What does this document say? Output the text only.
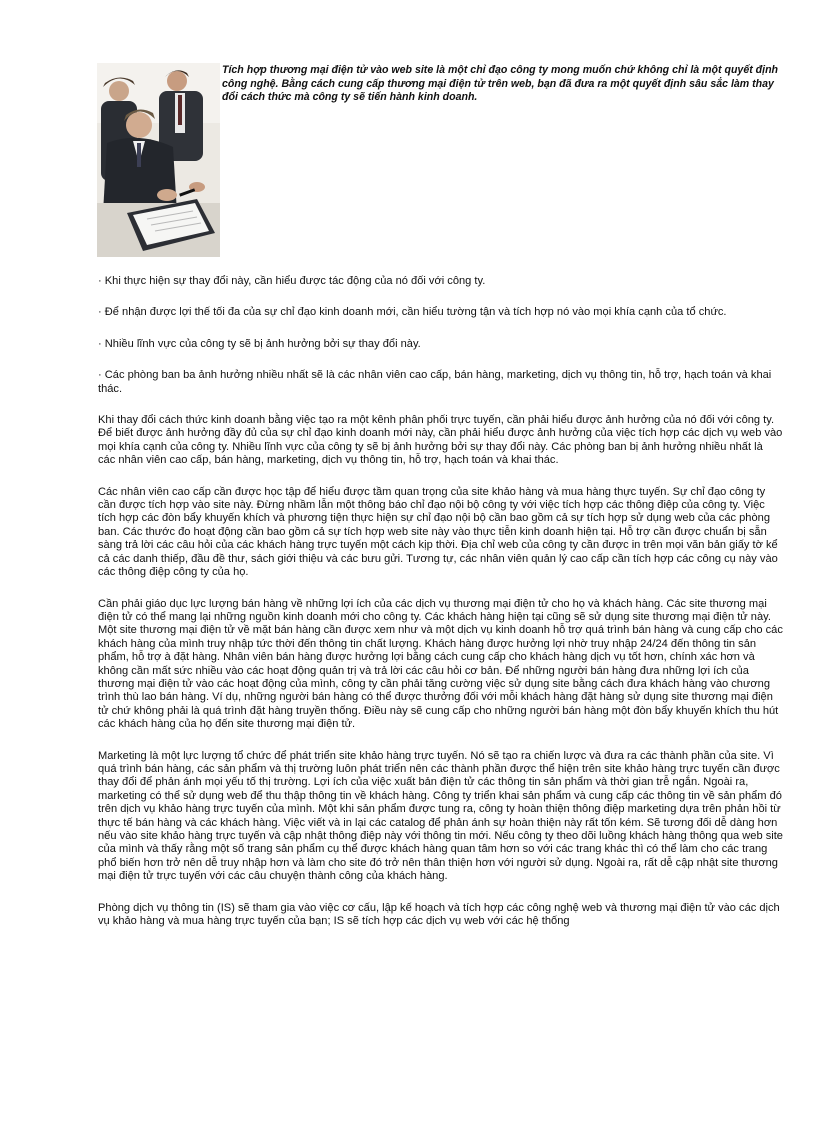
Tích hợp thương mại điện tử vào web site là một chỉ đạo công ty mong muốn chứ không chỉ là một quyết định công nghệ. Bằng cách cung cấp thương mại điện tử trên web, bạn đã đưa ra một quyết định sâu sắc làm thay đổi cách thức mà công ty sẽ tiến hành kinh doanh.

· Khi thực hiện sự thay đổi này, cần hiểu được tác động của nó đối với công ty.

· Để nhận được lợi thế tối đa của sự chỉ đạo kinh doanh mới, cần hiểu tường tận và tích hợp nó vào mọi khía cạnh của tổ chức.

· Nhiều lĩnh vực của công ty sẽ bị ảnh hưởng bởi sự thay đổi này.

· Các phòng ban ba ảnh hưởng nhiều nhất sẽ là các nhân viên cao cấp, bán hàng, marketing, dịch vụ thông tin, hỗ trợ, hạch toán và khai thác.

Khi thay đổi cách thức kinh doanh bằng việc tạo ra một kênh phân phối trực tuyến, cần phải hiểu được ảnh hưởng của nó đối với công ty. Để biết được ảnh hưởng đầy đủ của sự chỉ đạo kinh doanh mới này, cần phải hiểu được ảnh hưởng của việc tích hợp các dịch vụ web vào mọi khía cạnh của công ty. Nhiều lĩnh vực của công ty sẽ bị ảnh hưởng bởi sự thay đổi này. Các phòng ban bị ảnh hưởng nhiều nhất là các nhân viên cao cấp, bán hàng, marketing, dịch vụ thông tin, hỗ trợ, hạch toán và khai thác.

Các nhân viên cao cấp cần được học tập để hiểu được tầm quan trọng của site khảo hàng và mua hàng thực tuyến. Sự chỉ đạo công ty cần được tích hợp vào site này. Đừng nhầm lẫn một thông báo chỉ đạo nội bộ công ty với việc tích hợp các thông điệp của công ty. Việc tích hợp các đòn bẩy khuyến khích và phương tiện thực hiện sự chỉ đạo nội bộ cần bao gồm cả sự tích hợp sử dụng web của các phòng ban. Các thước đo hoạt động cần bao gồm cả sự tích hợp web site này vào thực tiễn kinh doanh hiện tại. Hỗ trợ cần được chuẩn bị sẵn sàng trả lời các câu hỏi của các khách hàng trực tuyến một cách kịp thời. Địa chỉ web của công ty cần được in trên mọi văn bản giấy tờ kể cả các danh thiếp, đầu đề thư, sách giới thiệu và các bưu gửi. Tương tự, các nhân viên quản lý cao cấp cần tích hợp các công cụ này vào các thông điệp công ty của họ.

Cần phải giáo dục lực lượng bán hàng về những lợi ích của các dịch vụ thương mại điện tử cho họ và khách hàng. Các site thương mại điện tử có thể mang lại những nguồn kinh doanh mới cho công ty. Các khách hàng hiện tại cũng sẽ sử dụng site thương mại điện tử này. Một site thương mại điện tử về mặt bán hàng cần được xem như và một dịch vụ kinh doanh hỗ trợ quá trình bán hàng và cung cấp cho các khách hàng của mình truy nhập tức thời đến thông tin chất lượng. Khách hàng được hưởng lợi nhờ truy nhập 24/24 đến thông tin sản phẩm, hỗ trợ à đặt hàng. Nhân viên bán hàng được hưởng lợi bằng cách cung cấp cho khách hàng dịch vụ tốt hơn, chính xác hơn và không cần mất sức nhiều vào các hoạt động quản trị và trả lời các câu hỏi cơ bản. Để những người bán hàng đưa những lợi ích của thương mại điện tử vào các hoạt động của mình, công ty cần phải tăng cường việc sử dụng site bằng cách đưa khách hàng vào chương trình thù lao bán hàng. Ví dụ, những người bán hàng có thể được thưởng đối với mỗi khách hàng đặt hàng sử dụng site thương mại điện tử chứ không phải là quá trình đặt hàng truyền thống. Điều này sẽ cung cấp cho những người bán hàng một đòn bẩy khuyến khích thu hút các khách hàng của họ đến site thương mại điện tử.

Marketing là một lực lượng tổ chức để phát triển site khảo hàng trực tuyến. Nó sẽ tạo ra chiến lược và đưa ra các thành phần của site. Vì quá trình bán hàng, các sản phẩm và thị trường luôn phát triển nên các thành phần được thể hiện trên site khảo hàng trực tuyến cần được thay đổi để phản ánh mọi yếu tố thị trường. Lợi ích của việc xuất bản điện tử các thông tin sản phẩm và thời gian trễ ngắn. Ngoài ra, marketing có thể sử dụng web để thu thập thông tin về khách hàng. Công ty triển khai sản phẩm và cung cấp các thông tin về sản phẩm đó trên dịch vụ khảo hàng trực tuyến của mình. Một khi sản phẩm được tung ra, công ty hoàn thiện thông điệp marketing dựa trên phản hồi từ thực tế bán hàng và các khách hàng. Việc viết và in lại các catalog để phản ánh sự hoàn thiện này rất tốn kém. Sẽ tương đối dễ dàng hơn nếu vào site khảo hàng trực tuyến và cập nhật thông điệp này với thông tin mới. Nếu công ty theo dõi luồng khách hàng thông qua web site của mình và thấy rằng một số trang sản phẩm cụ thể được khách hàng quan tâm hơn so với các trang khác thì có thể làm cho các trang phổ biến hơn trở nên dễ truy nhập hơn và làm cho site đó trở nên thân thiện hơn với người sử dụng. Ngoài ra, rất dễ cập nhật site thương mại điện tử trực tuyến với các câu chuyện thành công của khách hàng.

Phòng dịch vụ thông tin (IS) sẽ tham gia vào việc cơ cấu, lập kế hoạch và tích hợp các công nghệ web và thương mại điện tử vào các dịch vụ khảo hàng và mua hàng trực tuyến của bạn; IS sẽ tích hợp các dịch vụ web với các hệ thống
